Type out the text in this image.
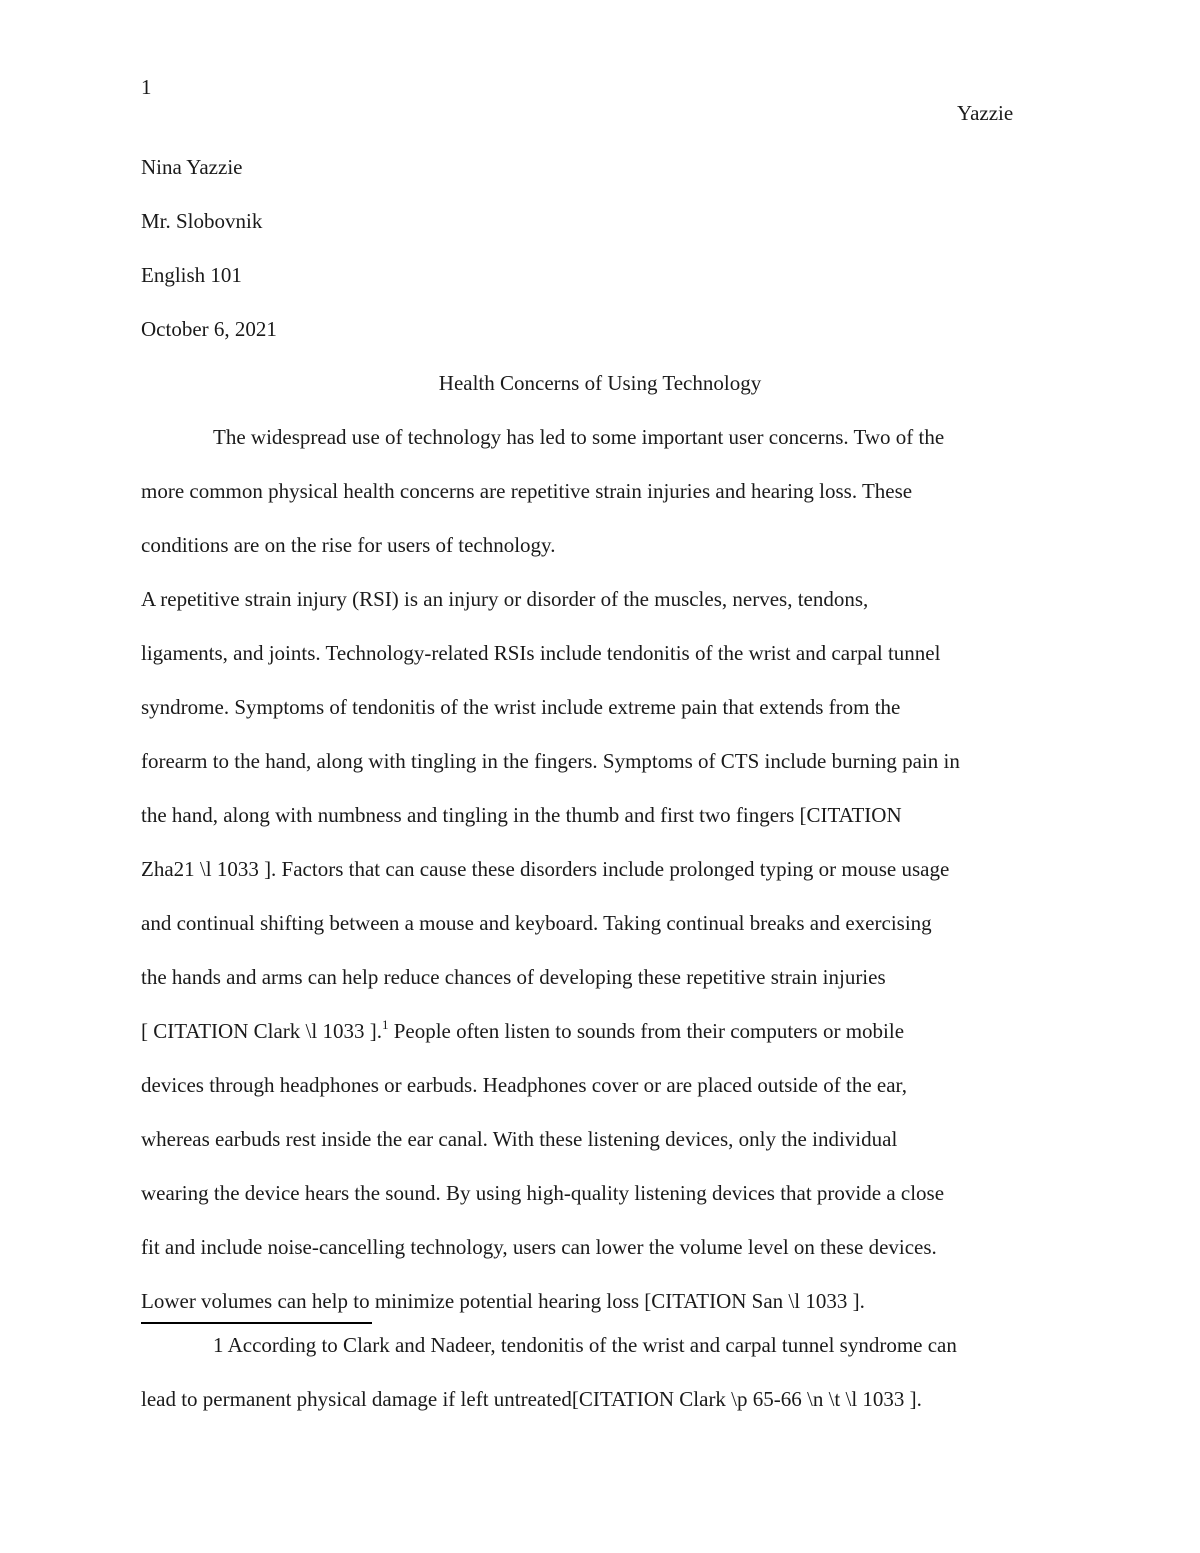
1
Yazzie
Nina Yazzie
Mr. Slobovnik
English 101
October 6, 2021
Health Concerns of Using Technology
The widespread use of technology has led to some important user concerns. Two of the
more common physical health concerns are repetitive strain injuries and hearing loss. These
conditions are on the rise for users of technology.
A repetitive strain injury (RSI) is an injury or disorder of the muscles, nerves, tendons,
ligaments, and joints. Technology-related RSIs include tendonitis of the wrist and carpal tunnel
syndrome. Symptoms of tendonitis of the wrist include extreme pain that extends from the
forearm to the hand, along with tingling in the fingers. Symptoms of CTS include burning pain in
the hand, along with numbness and tingling in the thumb and first two fingers [CITATION
Zha21 \l 1033 ]. Factors that can cause these disorders include prolonged typing or mouse usage
and continual shifting between a mouse and keyboard. Taking continual breaks and exercising
the hands and arms can help reduce chances of developing these repetitive strain injuries
[ CITATION Clark \l 1033 ].$^1$ People often listen to sounds from their computers or mobile
devices through headphones or earbuds. Headphones cover or are placed outside of the ear,
whereas earbuds rest inside the ear canal. With these listening devices, only the individual
wearing the device hears the sound. By using high-quality listening devices that provide a close
fit and include noise-cancelling technology, users can lower the volume level on these devices.
Lower volumes can help to minimize potential hearing loss [CITATION San \l 1033 ].
1 According to Clark and Nadeer, tendonitis of the wrist and carpal tunnel syndrome can
lead to permanent physical damage if left untreated[CITATION Clark \p 65-66 \n \t \l 1033 ].
